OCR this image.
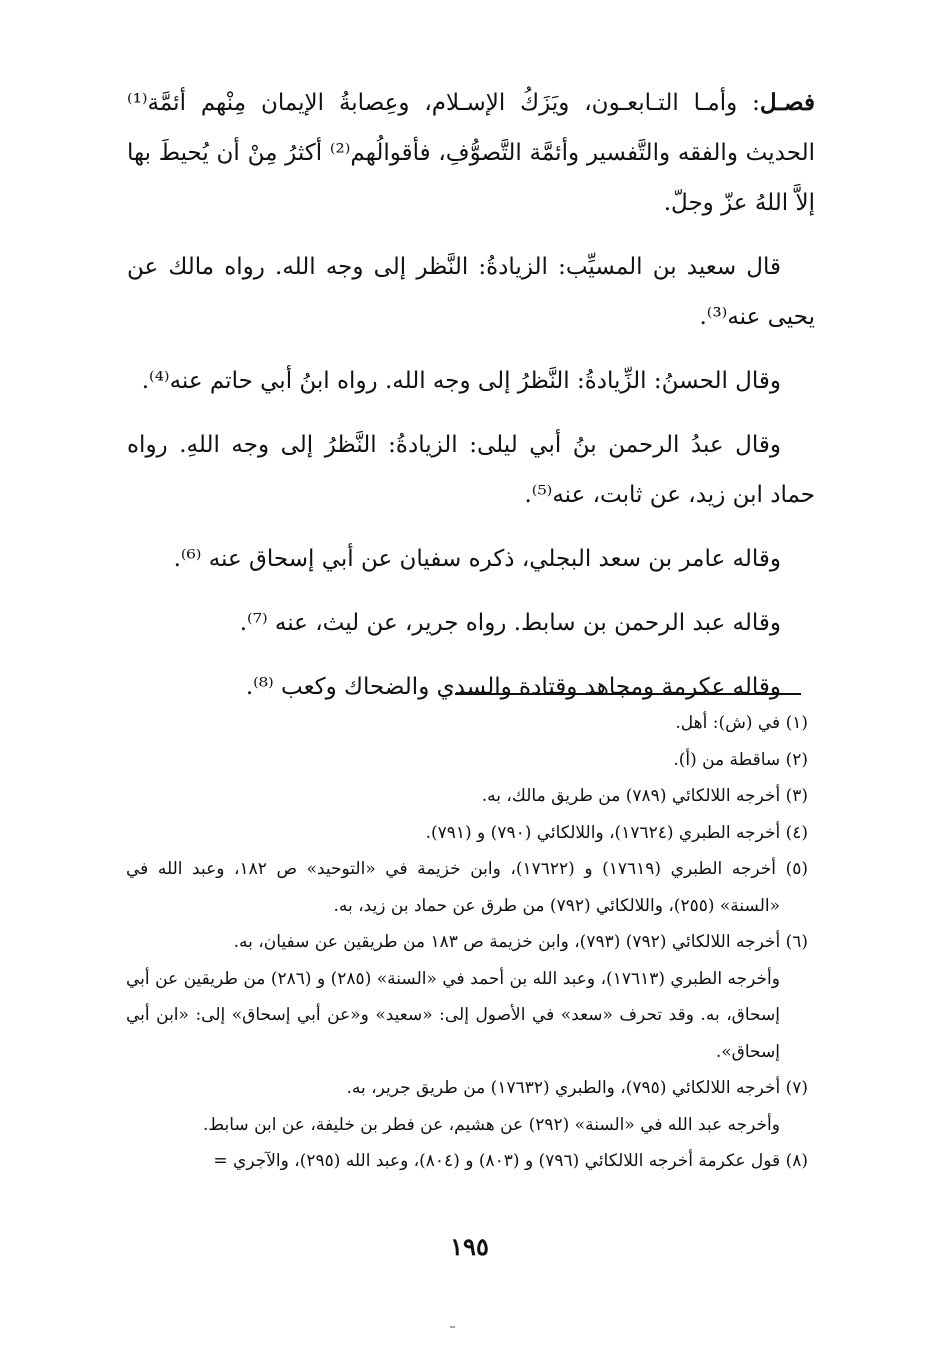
فصـل: وأمـا التـابعـون، ويَزَكُ الإسـلام، وعِصابةُ الإيمان مِنْهم أئمَّة⁽¹⁾ الحديث والفقه والتَّفسير وأئمَّة التَّصوُّفِ، فأقوالُهم⁽²⁾ أكثرُ مِنْ أن يُحيطَ بها إلاَّ اللهُ عزّ وجلّ.

قال سعيد بن المسيِّب: الزيادةُ: النَّظر إلى وجه الله. رواه مالك عن يحيى عنه⁽³⁾.

وقال الحسنُ: الزِّيادةُ: النَّظرُ إلى وجه الله. رواه ابنُ أبي حاتم عنه⁽⁴⁾.

وقال عبدُ الرحمن بنُ أبي ليلى: الزيادةُ: النَّظرُ إلى وجه اللهِ. رواه حماد ابن زيد، عن ثابت، عنه⁽⁵⁾.

وقاله عامر بن سعد البجلي، ذكره سفيان عن أبي إسحاق عنه ⁽⁶⁾.

وقاله عبد الرحمن بن سابط. رواه جرير، عن ليث، عنه ⁽⁷⁾.

وقاله عكرمة ومجاهد وقتادة والسدي والضحاك وكعب ⁽⁸⁾.

(١) في (ش): أهل.

(٢) ساقطة من (أ).

(٣) أخرجه اللالكائي (٧٨٩) من طريق مالك، به.

(٤) أخرجه الطبري (١٧٦٢٤)، واللالكائي (٧٩٠) و (٧٩١).

(٥) أخرجه الطبري (١٧٦١٩) و (١٧٦٢٢)، وابن خزيمة في «التوحيد» ص ١٨٢، وعبد الله في «السنة» (٢٥٥)، واللالكائي (٧٩٢) من طرق عن حماد بن زيد، به.

(٦) أخرجه اللالكائي (٧٩٢) (٧٩٣)، وابن خزيمة ص ١٨٣ من طريقين عن سفيان، به.

وأخرجه الطبري (١٧٦١٣)، وعبد الله بن أحمد في «السنة» (٢٨٥) و (٢٨٦) من طريقين عن أبي إسحاق، به. وقد تحرف «سعد» في الأصول إلى: «سعيد» و«عن أبي إسحاق» إلى: «ابن أبي إسحاق».

(٧) أخرجه اللالكائي (٧٩٥)، والطبري (١٧٦٣٢) من طريق جرير، به.

وأخرجه عبد الله في «السنة» (٢٩٢) عن هشيم، عن فطر بن خليفة، عن ابن سابط.

(٨) قول عكرمة أخرجه اللالكائي (٧٩٦) و (٨٠٣) و (٨٠٤)، وعبد الله (٢٩٥)، والآجري =

١٩٥
